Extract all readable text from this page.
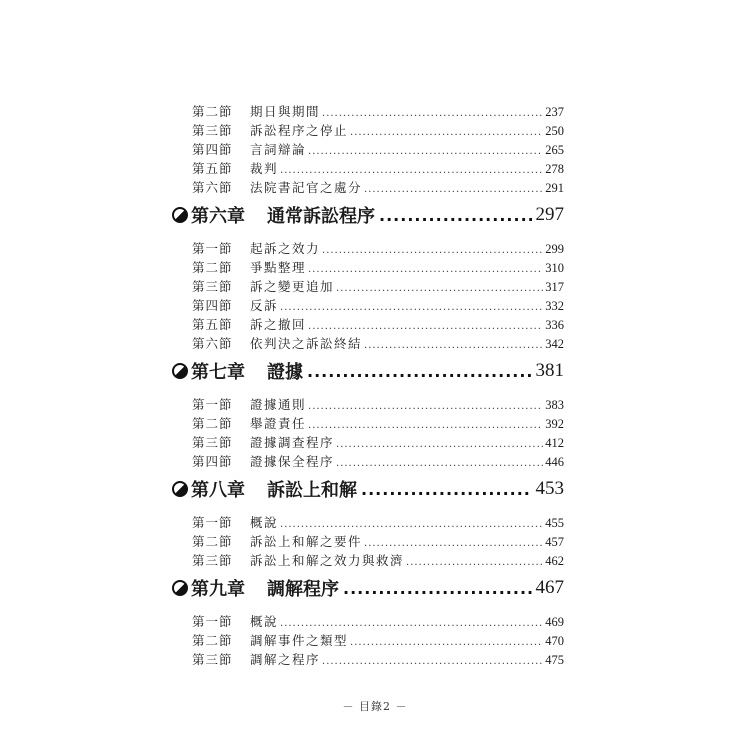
第二節	期日與期間 .....	237
第三節	訴訟程序之停止 .....	250
第四節	言詞辯論 .....	265
第五節	裁判 .....	278
第六節	法院書記官之處分 .....	291
第六章 通常訴訟程序 .....	297
第一節	起訴之效力 .....	299
第二節	爭點整理 .....	310
第三節	訴之變更追加 .....	317
第四節	反訴 .....	332
第五節	訴之撤回 .....	336
第六節	依判決之訴訟終結 .....	342
第七章 證據 .....	381
第一節	證據通則 .....	383
第二節	舉證責任 .....	392
第三節	證據調查程序 .....	412
第四節	證據保全程序 .....	446
第八章 訴訟上和解 .....	453
第一節	概說 .....	455
第二節	訴訟上和解之要件 .....	457
第三節	訴訟上和解之效力與救濟 .....	462
第九章 調解程序 .....	467
第一節	概說 .....	469
第二節	調解事件之類型 .....	470
第三節	調解之程序 .....	475
－ 目錄2 －
